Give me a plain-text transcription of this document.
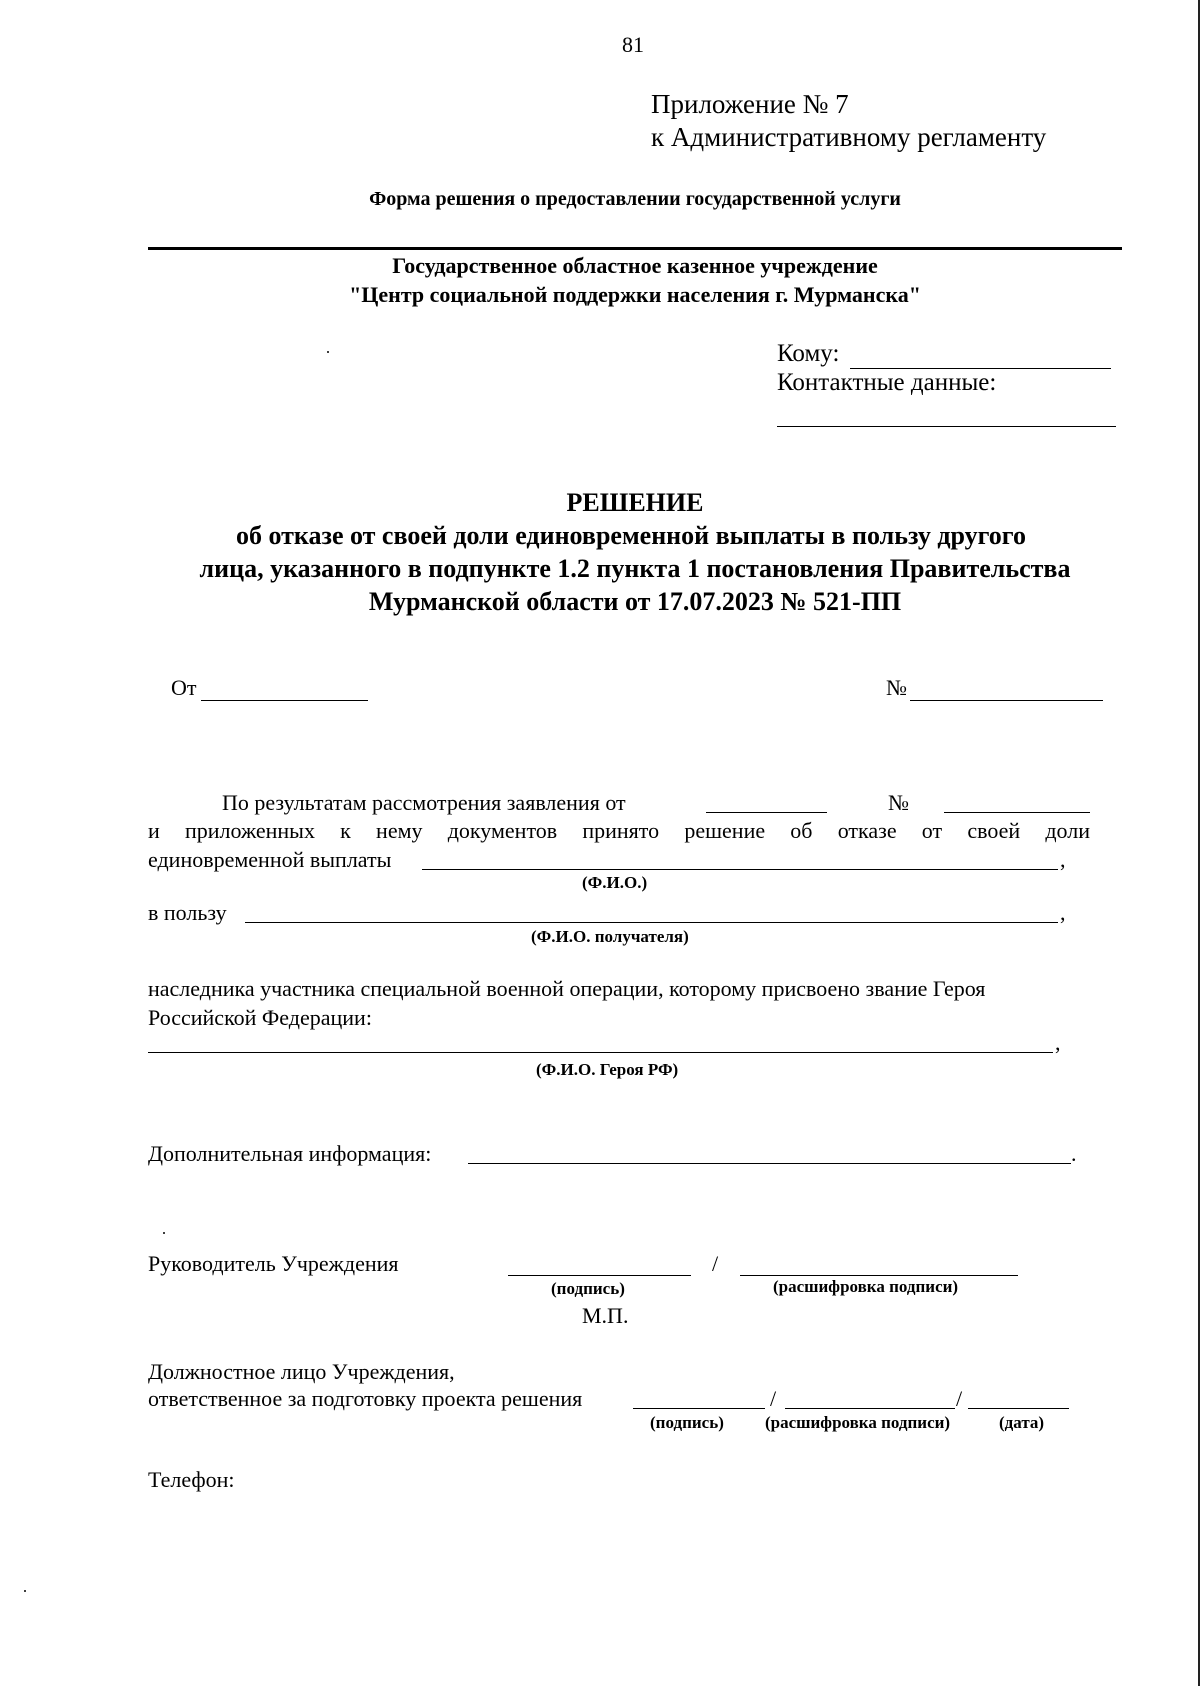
81
Приложение № 7
к Административному регламенту
Форма решения о предоставлении государственной услуги
Государственное областное казенное учреждение
"Центр социальной поддержки населения г. Мурманска"
Кому:
Контактные данные:
РЕШЕНИЕ
об отказе от своей доли единовременной выплаты в пользу другого
лица, указанного в подпункте 1.2 пункта 1 постановления Правительства
Мурманской области от 17.07.2023 № 521-ПП
От	№
По результатам рассмотрения заявления от	№
и приложенных к нему документов принято решение об отказе от своей доли
единовременной выплаты	,
(Ф.И.О.)
в пользу	,
(Ф.И.О. получателя)
наследника участника специальной военной операции, которому присвоено звание Героя
Российской Федерации:
,
(Ф.И.О. Героя РФ)
Дополнительная информация:	.
Руководитель Учреждения	/
(подпись)	(расшифровка подписи)
М.П.
Должностное лицо Учреждения,
ответственное за подготовку проекта решения	/	/
(подпись) (расшифровка подписи)	(дата)
Телефон:
